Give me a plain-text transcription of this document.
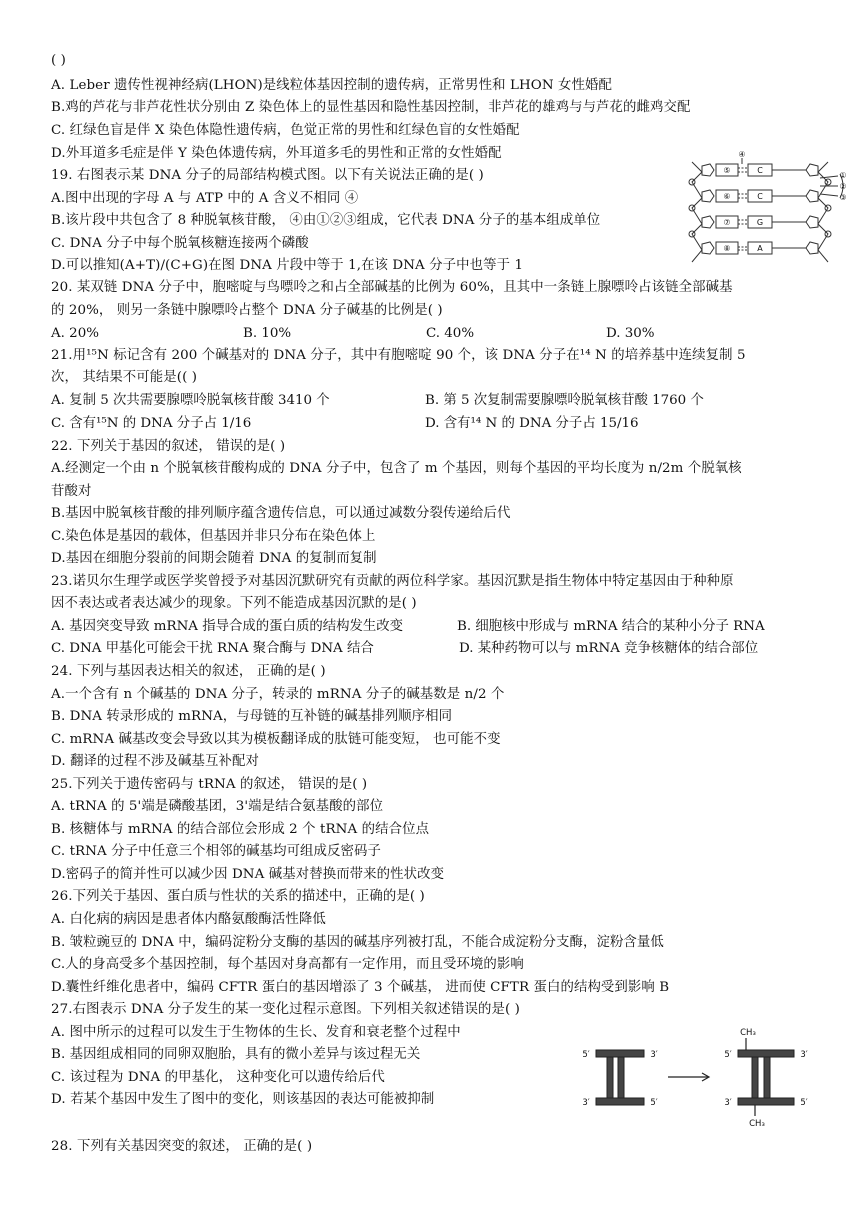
( )
A. Leber 遗传性视神经病(LHON)是线粒体基因控制的遗传病，正常男性和 LHON 女性婚配
B.鸡的芦花与非芦花性状分别由 Z 染色体上的显性基因和隐性基因控制，非芦花的雄鸡与与芦花的雌鸡交配
C. 红绿色盲是伴 X 染色体隐性遗传病，色觉正常的男性和红绿色盲的女性婚配
D.外耳道多毛症是伴 Y 染色体遗传病，外耳道多毛的男性和正常的女性婚配
19. 右图表示某 DNA 分子的局部结构模式图。以下有关说法正确的是( )
A.图中出现的字母 A 与 ATP 中的 A 含义不相同 ④
B.该片段中共包含了 8 种脱氧核苷酸， ④由①②③组成，它代表 DNA 分子的基本组成单位
C. DNA 分子中每个脱氧核糖连接两个磷酸
D.可以推知(A+T)/(C+G)在图 DNA 片段中等于 1,在该 DNA 分子中也等于 1
20. 某双链 DNA 分子中，胞嘧啶与鸟嘌呤之和占全部碱基的比例为 60%，且其中一条链上腺嘌呤占该链全部碱基
的 20%， 则另一条链中腺嘌呤占整个 DNA 分子碱基的比例是( )
A. 20%	B. 10%	C. 40%	D. 30%
21.用¹⁵N 标记含有 200 个碱基对的 DNA 分子，其中有胞嘧啶 90 个，该 DNA 分子在¹⁴ N 的培养基中连续复制 5
次， 其结果不可能是(( )
A. 复制 5 次共需要腺嘌呤脱氧核苷酸 3410 个	B. 第 5 次复制需要腺嘌呤脱氧核苷酸 1760 个
C. 含有¹⁵N 的 DNA 分子占 1/16	D. 含有¹⁴ N 的 DNA 分子占 15/16
22. 下列关于基因的叙述， 错误的是( )
A.经测定一个由 n 个脱氧核苷酸构成的 DNA 分子中，包含了 m 个基因，则每个基因的平均长度为 n/2m 个脱氧核
苷酸对
B.基因中脱氧核苷酸的排列顺序蕴含遗传信息，可以通过减数分裂传递给后代
C.染色体是基因的载体，但基因并非只分布在染色体上
D.基因在细胞分裂前的间期会随着 DNA 的复制而复制
23.诺贝尔生理学或医学奖曾授予对基因沉默研究有贡献的两位科学家。基因沉默是指生物体中特定基因由于种种原
因不表达或者表达减少的现象。下列不能造成基因沉默的是( )
A. 基因突变导致 mRNA 指导合成的蛋白质的结构发生改变	B. 细胞核中形成与 mRNA 结合的某种小分子 RNA
C. DNA 甲基化可能会干扰 RNA 聚合酶与 DNA 结合	D. 某种药物可以与 mRNA 竞争核糖体的结合部位
24. 下列与基因表达相关的叙述， 正确的是( )
A.一个含有 n 个碱基的 DNA 分子，转录的 mRNA 分子的碱基数是 n/2 个
B. DNA 转录形成的 mRNA，与母链的互补链的碱基排列顺序相同
C. mRNA 碱基改变会导致以其为模板翻译成的肽链可能变短， 也可能不变
D. 翻译的过程不涉及碱基互补配对
25.下列关于遗传密码与 tRNA 的叙述， 错误的是( )
A. tRNA 的 5'端是磷酸基团，3'端是结合氨基酸的部位
B. 核糖体与 mRNA 的结合部位会形成 2 个 tRNA 的结合位点
C. tRNA 分子中任意三个相邻的碱基均可组成反密码子
D.密码子的简并性可以减少因 DNA 碱基对替换而带来的性状改变
26.下列关于基因、蛋白质与性状的关系的描述中，正确的是( )
A. 白化病的病因是患者体内酪氨酸酶活性降低
B. 皱粒豌豆的 DNA 中，编码淀粉分支酶的基因的碱基序列被打乱，不能合成淀粉分支酶，淀粉含量低
C.人的身高受多个基因控制，每个基因对身高都有一定作用，而且受环境的影响
D.囊性纤维化患者中，编码 CFTR 蛋白的基因增添了 3 个碱基， 进而使 CFTR 蛋白的结构受到影响 B
27.右图表示 DNA 分子发生的某一变化过程示意图。下列相关叙述错误的是( )
A. 图中所示的过程可以发生于生物体的生长、发育和衰老整个过程中
B. 基因组成相同的同卵双胞胎，具有的微小差异与该过程无关
C. 该过程为 DNA 的甲基化， 这种变化可以遗传给后代
D. 若某个基因中发生了图中的变化，则该基因的表达可能被抑制
28. 下列有关基因突变的叙述， 正确的是( )
⑤
⑥
⑦
⑧
C
C
G
A
④
①
②
③
5′	3′
3′	5′
5′	3′
3′	5′
CH₃
CH₃
